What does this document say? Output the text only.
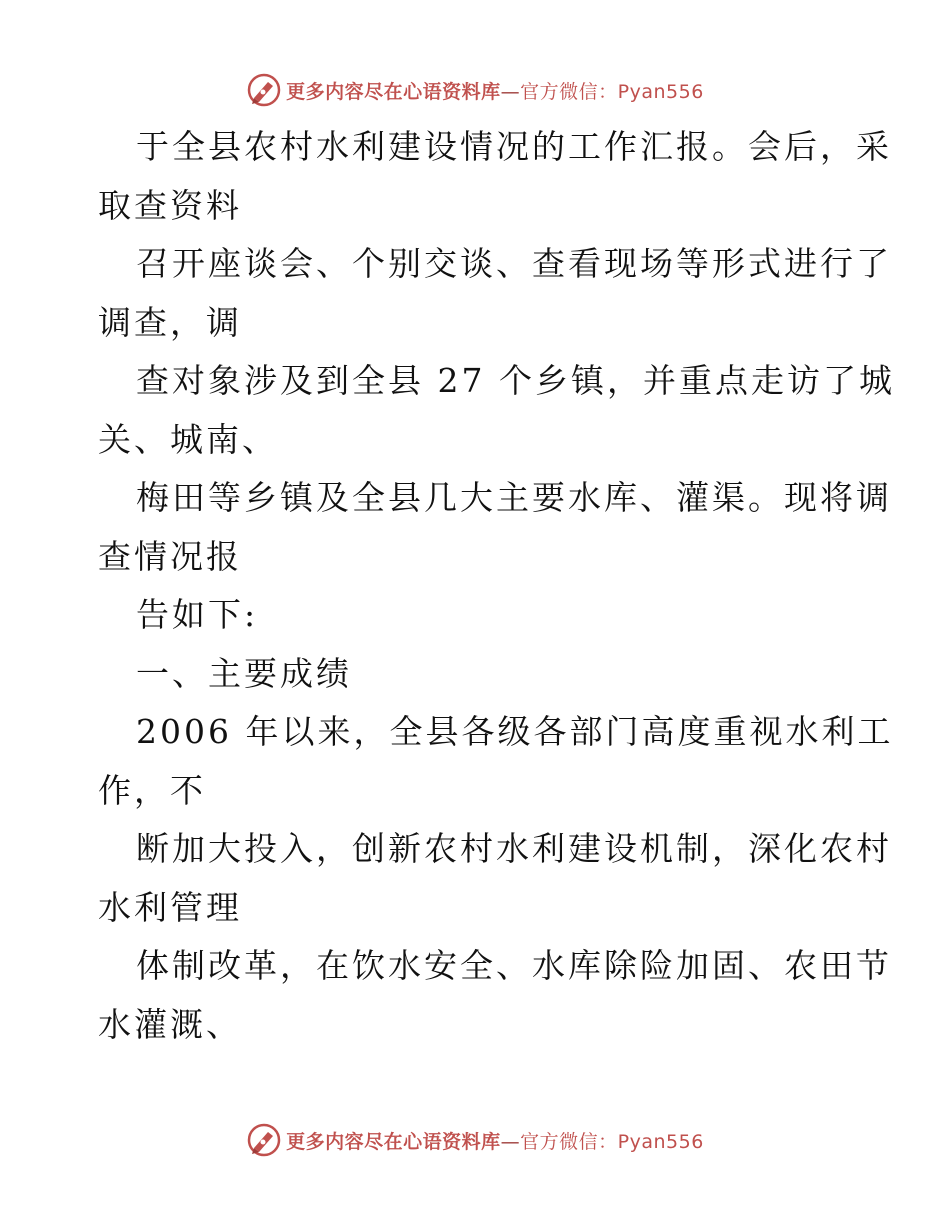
更多内容尽在心语资料库—官方微信：Pyan556
于全县农村水利建设情况的工作汇报。会后，采
取查资料
召开座谈会、个别交谈、查看现场等形式进行了
调查，调
查对象涉及到全县 27 个乡镇，并重点走访了城
关、城南、
梅田等乡镇及全县几大主要水库、灌渠。现将调
查情况报
告如下:
一、主要成绩
2006 年以来，全县各级各部门高度重视水利工
作，不
断加大投入，创新农村水利建设机制，深化农村
水利管理
体制改革，在饮水安全、水库除险加固、农田节
水灌溉、
更多内容尽在心语资料库—官方微信：Pyan556
